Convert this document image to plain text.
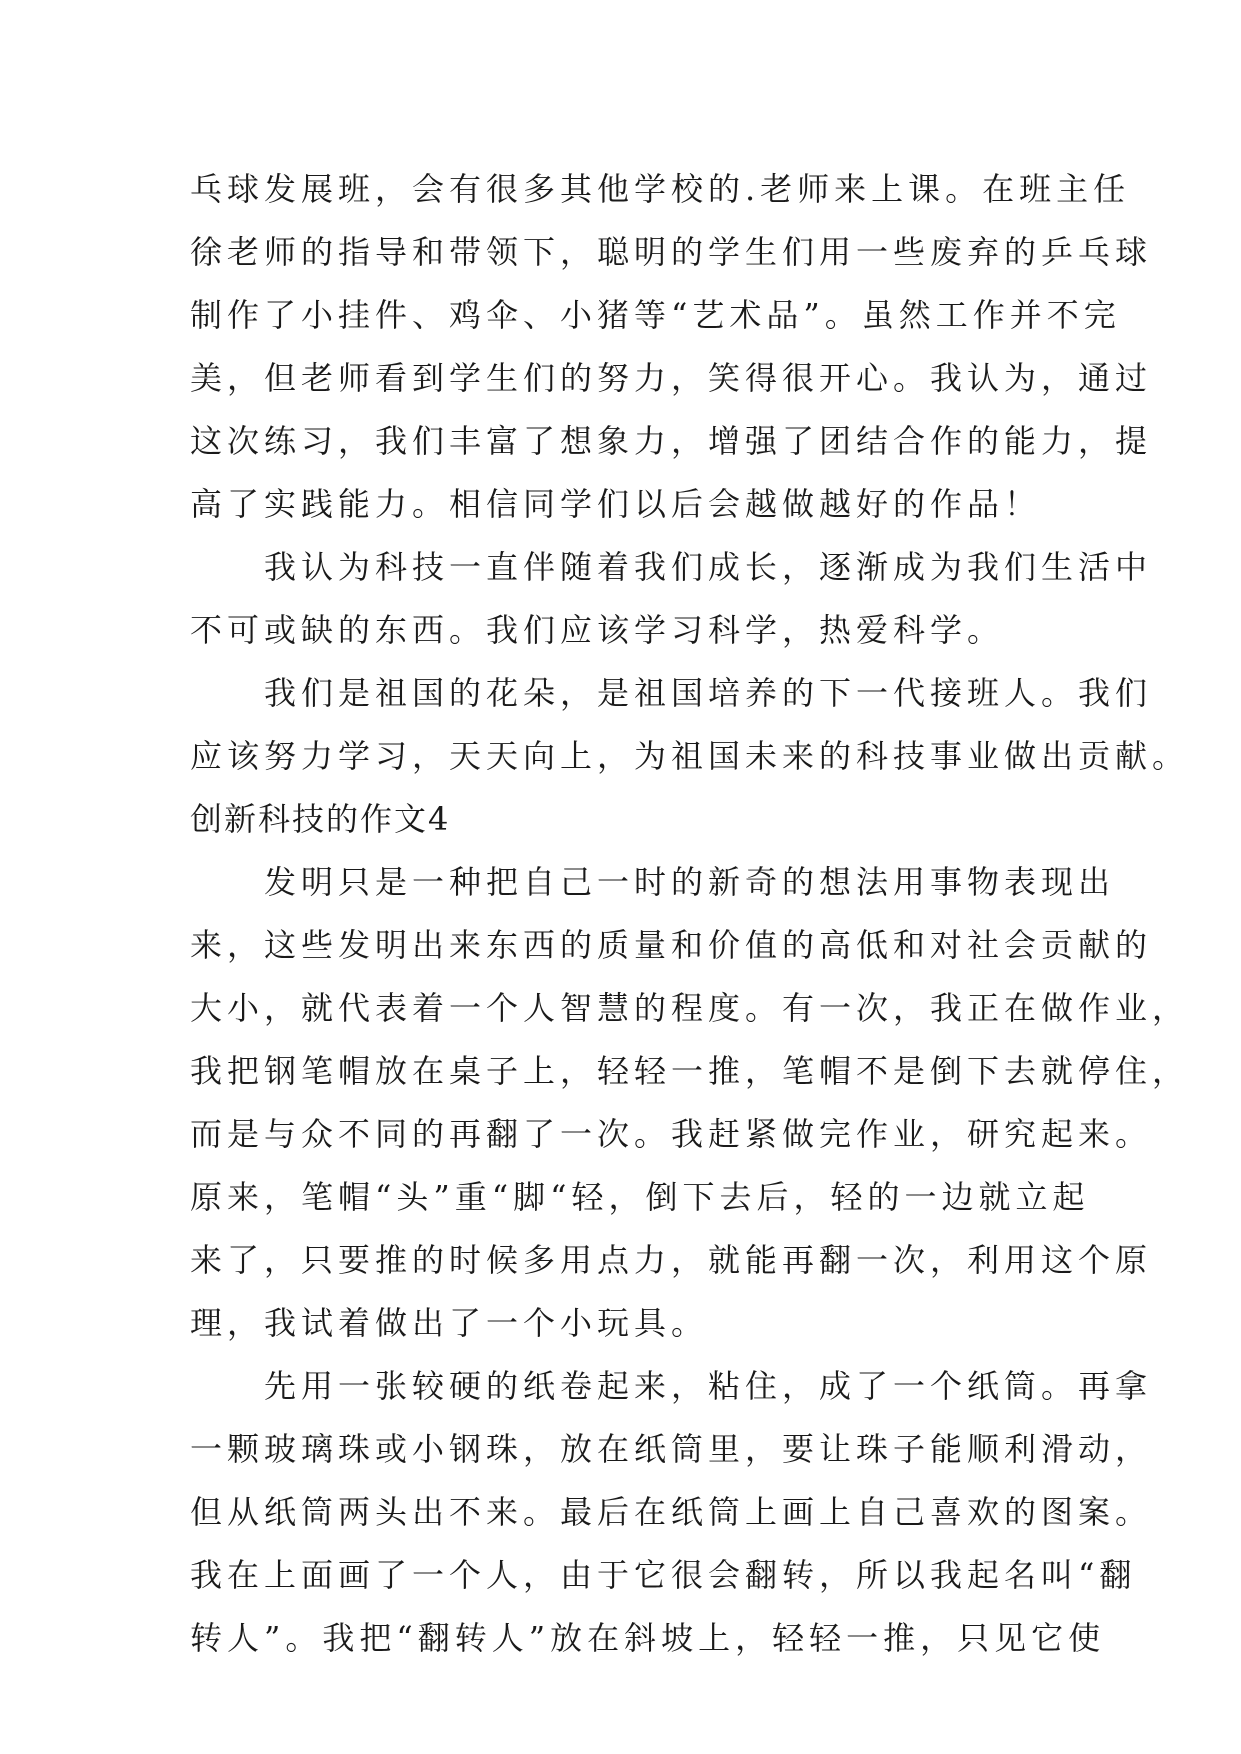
乓球发展班，会有很多其他学校的.老师来上课。在班主任
徐老师的指导和带领下，聪明的学生们用一些废弃的乒乓球
制作了小挂件、鸡伞、小猪等“艺术品”。虽然工作并不完
美，但老师看到学生们的努力，笑得很开心。我认为，通过
这次练习，我们丰富了想象力，增强了团结合作的能力，提
高了实践能力。相信同学们以后会越做越好的作品！
　　我认为科技一直伴随着我们成长，逐渐成为我们生活中
不可或缺的东西。我们应该学习科学，热爱科学。
　　我们是祖国的花朵，是祖国培养的下一代接班人。我们
应该努力学习，天天向上，为祖国未来的科技事业做出贡献。
创新科技的作文4
　　发明只是一种把自己一时的新奇的想法用事物表现出
来，这些发明出来东西的质量和价值的高低和对社会贡献的
大小，就代表着一个人智慧的程度。有一次，我正在做作业，
我把钢笔帽放在桌子上，轻轻一推，笔帽不是倒下去就停住，
而是与众不同的再翻了一次。我赶紧做完作业，研究起来。
原来，笔帽“头”重“脚“轻，倒下去后，轻的一边就立起
来了，只要推的时候多用点力，就能再翻一次，利用这个原
理，我试着做出了一个小玩具。
　　先用一张较硬的纸卷起来，粘住，成了一个纸筒。再拿
一颗玻璃珠或小钢珠，放在纸筒里，要让珠子能顺利滑动，
但从纸筒两头出不来。最后在纸筒上画上自己喜欢的图案。
我在上面画了一个人，由于它很会翻转，所以我起名叫“翻
转人”。我把“翻转人”放在斜坡上，轻轻一推，只见它使
